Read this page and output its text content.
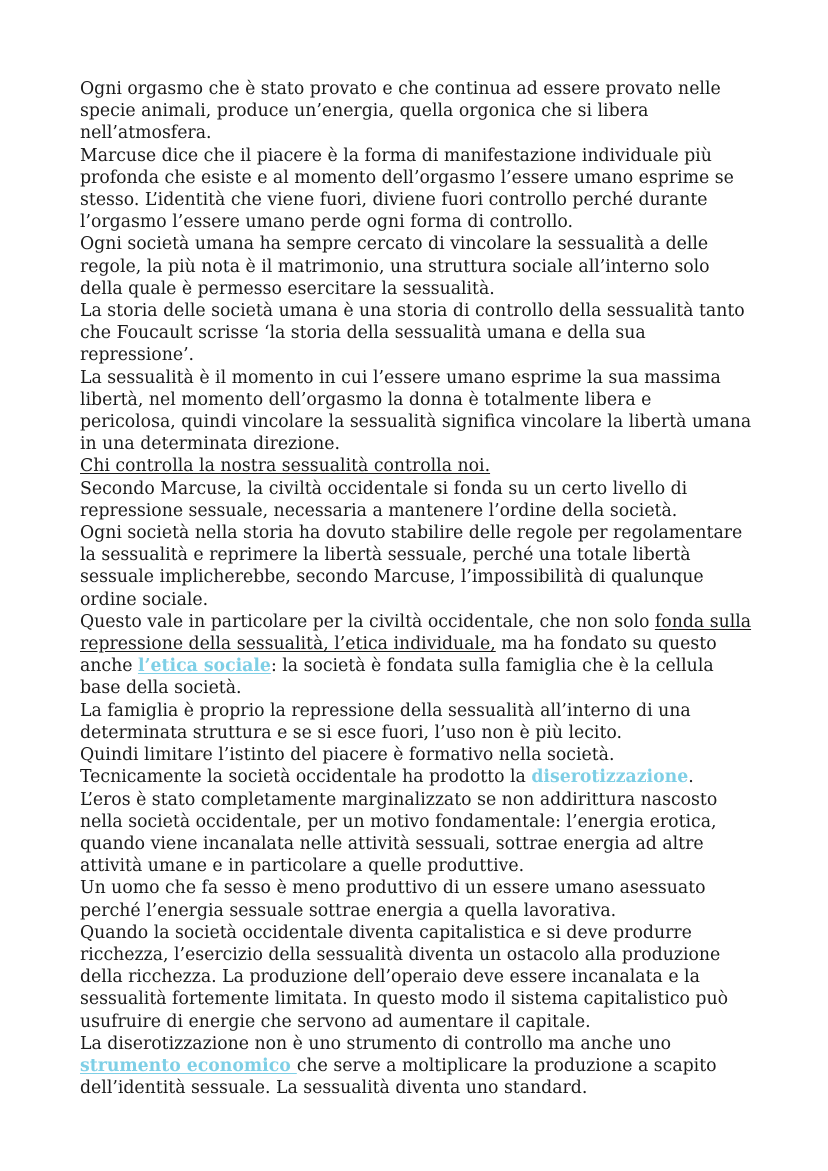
Ogni orgasmo che è stato provato e che continua ad essere provato nelle specie animali, produce un’energia, quella orgonica che si libera nell’atmosfera.

Marcuse dice che il piacere è la forma di manifestazione individuale più profonda che esiste e al momento dell’orgasmo l’essere umano esprime se stesso. L’identità che viene fuori, diviene fuori controllo perché durante l’orgasmo l’essere umano perde ogni forma di controllo.

Ogni società umana ha sempre cercato di vincolare la sessualità a delle regole, la più nota è il matrimonio, una struttura sociale all’interno solo della quale è permesso esercitare la sessualità.

La storia delle società umana è una storia di controllo della sessualità tanto che Foucault scrisse ‘la storia della sessualità umana e della sua repressione’.

La sessualità è il momento in cui l’essere umano esprime la sua massima libertà, nel momento dell’orgasmo la donna è totalmente libera e pericolosa, quindi vincolare la sessualità significa vincolare la libertà umana in una determinata direzione.

Chi controlla la nostra sessualità controlla noi.

Secondo Marcuse, la civiltà occidentale si fonda su un certo livello di repressione sessuale, necessaria a mantenere l’ordine della società.

Ogni società nella storia ha dovuto stabilire delle regole per regolamentare la sessualità e reprimere la libertà sessuale, perché una totale libertà sessuale implicherebbe, secondo Marcuse, l’impossibilità di qualunque ordine sociale.

Questo vale in particolare per la civiltà occidentale, che non solo fonda sulla repressione della sessualità, l’etica individuale, ma ha fondato su questo anche l’etica sociale: la società è fondata sulla famiglia che è la cellula base della società.

La famiglia è proprio la repressione della sessualità all’interno di una determinata struttura e se si esce fuori, l’uso non è più lecito.

Quindi limitare l’istinto del piacere è formativo nella società.

Tecnicamente la società occidentale ha prodotto la diserotizzazione.

L’eros è stato completamente marginalizzato se non addirittura nascosto nella società occidentale, per un motivo fondamentale: l’energia erotica, quando viene incanalata nelle attività sessuali, sottrae energia ad altre attività umane e in particolare a quelle produttive.

Un uomo che fa sesso è meno produttivo di un essere umano asessuato perché l’energia sessuale sottrae energia a quella lavorativa.

Quando la società occidentale diventa capitalistica e si deve produrre ricchezza, l’esercizio della sessualità diventa un ostacolo alla produzione della ricchezza. La produzione dell’operaio deve essere incanalata e la sessualità fortemente limitata. In questo modo il sistema capitalistico può usufruire di energie che servono ad aumentare il capitale.

La diserotizzazione non è uno strumento di controllo ma anche uno strumento economico che serve a moltiplicare la produzione a scapito dell’identità sessuale. La sessualità diventa uno standard.
